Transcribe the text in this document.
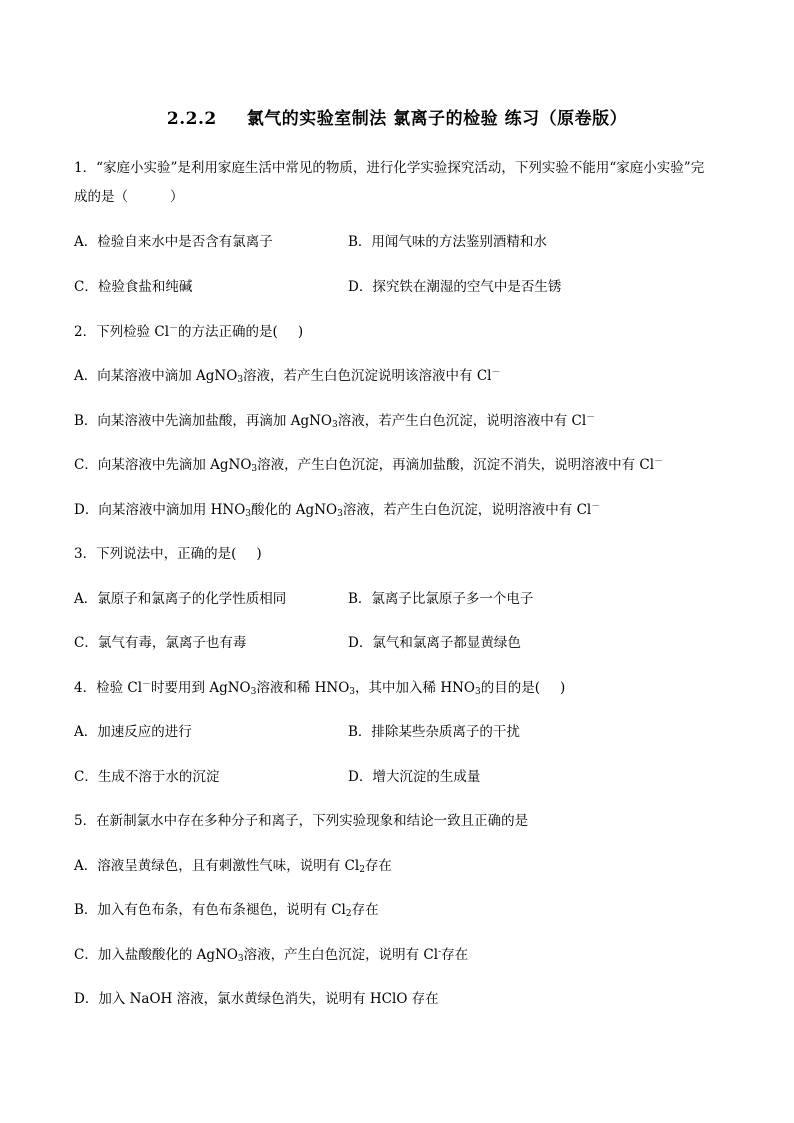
2.2.2 氯气的实验室制法 氯离子的检验 练习（原卷版）
1．“家庭小实验”是利用家庭生活中常见的物质，进行化学实验探究活动，下列实验不能用“家庭小实验”完
成的是（	）
A．检验自来水中是否含有氯离子	B．用闻气味的方法鉴别酒精和水
C．检验食盐和纯碱	D．探究铁在潮湿的空气中是否生锈
2．下列检验 Cl－的方法正确的是( )
A．向某溶液中滴加 AgNO$_3$溶液，若产生白色沉淀说明该溶液中有 Cl－
B．向某溶液中先滴加盐酸，再滴加 AgNO$_3$溶液，若产生白色沉淀，说明溶液中有 Cl－
C．向某溶液中先滴加 AgNO$_3$溶液，产生白色沉淀，再滴加盐酸，沉淀不消失，说明溶液中有 Cl－
D．向某溶液中滴加用 $HNO_3$酸化的 AgNO$_3$溶液，若产生白色沉淀，说明溶液中有 Cl－
3．下列说法中，正确的是( )
A．氯原子和氯离子的化学性质相同	B．氯离子比氯原子多一个电子
C．氯气有毒，氯离子也有毒	D．氯气和氯离子都显黄绿色
4．检验 Cl－时要用到 AgNO$_3$溶液和稀 $HNO_3$，其中加入稀 $HNO_3$的目的是( )
A．加速反应的进行	B．排除某些杂质离子的干扰
C．生成不溶于水的沉淀	D．增大沉淀的生成量
5．在新制氯水中存在多种分子和离子，下列实验现象和结论一致且正确的是
A．溶液呈黄绿色，且有刺激性气味，说明有 $Cl_2$存在
B．加入有色布条，有色布条褪色，说明有 $Cl_2$存在
C．加入盐酸酸化的 AgNO$_3$溶液，产生白色沉淀，说明有 Cl-存在
D．加入 NaOH 溶液，氯水黄绿色消失，说明有 HClO 存在
